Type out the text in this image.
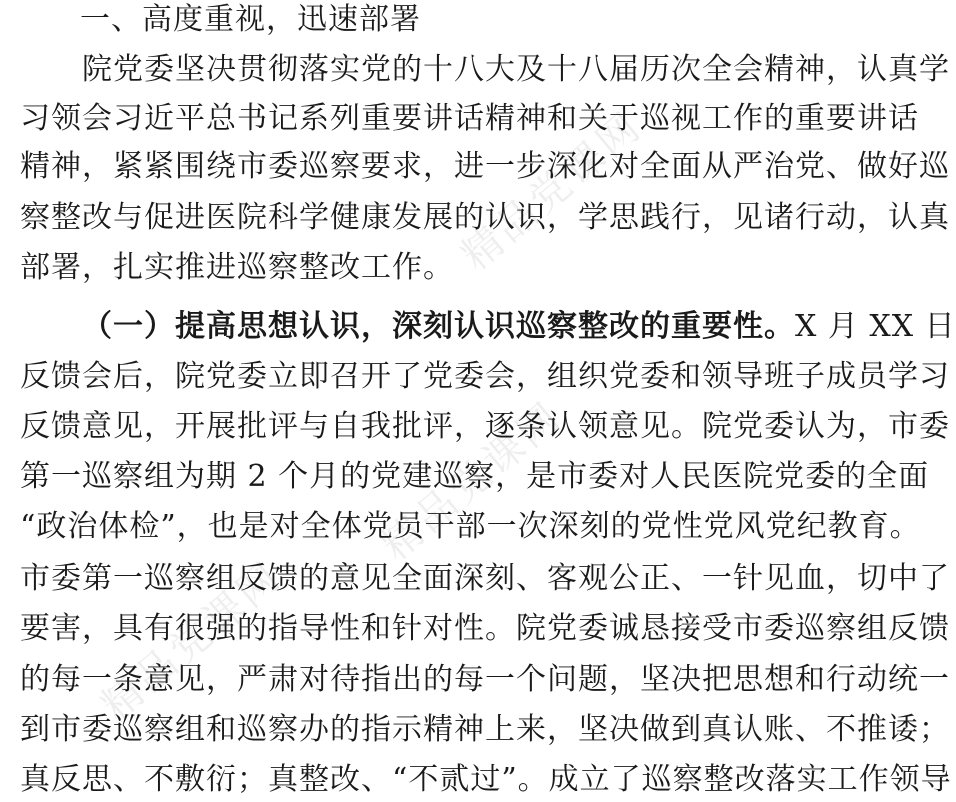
精品党课网
精品党课网
精品党课网
一、高度重视，迅速部署
院党委坚决贯彻落实党的十八大及十八届历次全会精神，认真学
习领会习近平总书记系列重要讲话精神和关于巡视工作的重要讲话
精神，紧紧围绕市委巡察要求，进一步深化对全面从严治党、做好巡
察整改与促进医院科学健康发展的认识，学思践行，见诸行动，认真
部署，扎实推进巡察整改工作。
（一）提高思想认识，深刻认识巡察整改的重要性。X 月 XX 日
反馈会后，院党委立即召开了党委会，组织党委和领导班子成员学习
反馈意见，开展批评与自我批评，逐条认领意见。院党委认为，市委
第一巡察组为期 2 个月的党建巡察，是市委对人民医院党委的全面
“政治体检”，也是对全体党员干部一次深刻的党性党风党纪教育。
市委第一巡察组反馈的意见全面深刻、客观公正、一针见血，切中了
要害，具有很强的指导性和针对性。院党委诚恳接受市委巡察组反馈
的每一条意见，严肃对待指出的每一个问题，坚决把思想和行动统一
到市委巡察组和巡察办的指示精神上来，坚决做到真认账、不推诿；
真反思、不敷衍；真整改、“不贰过”。成立了巡察整改落实工作领导
